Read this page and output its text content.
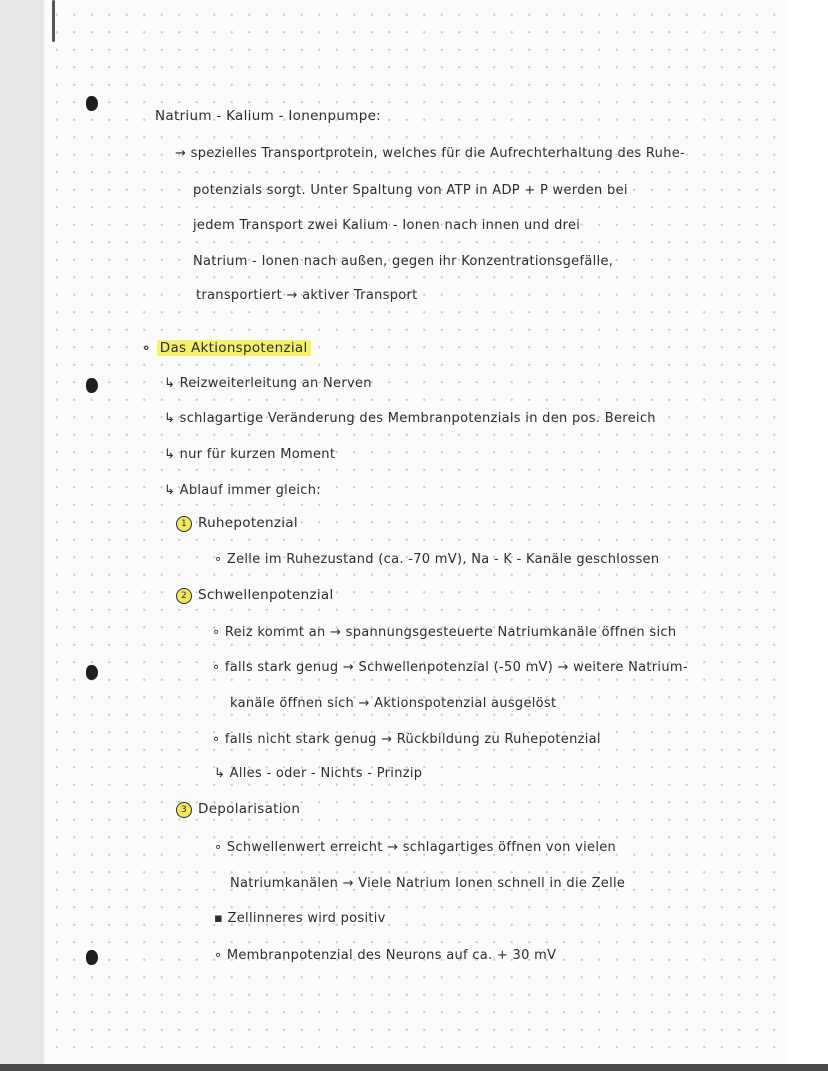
Natrium - Kalium - Ionenpumpe:
→ spezielles Transportprotein, welches für die Aufrechterhaltung des Ruhe-
potenzials sorgt. Unter Spaltung von ATP in ADP + P werden bei
jedem Transport zwei Kalium - Ionen nach innen und drei
Natrium - Ionen nach außen, gegen ihr Konzentrationsgefälle,
transportiert → aktiver Transport
∘ Das Aktionspotenzial
↳ Reizweiterleitung an Nerven
↳ schlagartige Veränderung des Membranpotenzials in den pos. Bereich
↳ nur für kurzen Moment
↳ Ablauf immer gleich:
1 Ruhepotenzial
∘ Zelle im Ruhezustand (ca. -70 mV), Na - K - Kanäle geschlossen
2 Schwellenpotenzial
∘ Reiz kommt an → spannungsgesteuerte Natriumkanäle öffnen sich
∘ falls stark genug → Schwellenpotenzial (-50 mV) → weitere Natrium-
kanäle öffnen sich → Aktionspotenzial ausgelöst
∘ falls nicht stark genug → Rückbildung zu Ruhepotenzial
↳ Alles - oder - Nichts - Prinzip
3 Depolarisation
∘ Schwellenwert erreicht → schlagartiges öffnen von vielen
Natriumkanälen → Viele Natrium Ionen schnell in die Zelle
▪ Zellinneres wird positiv
∘ Membranpotenzial des Neurons auf ca. + 30 mV
